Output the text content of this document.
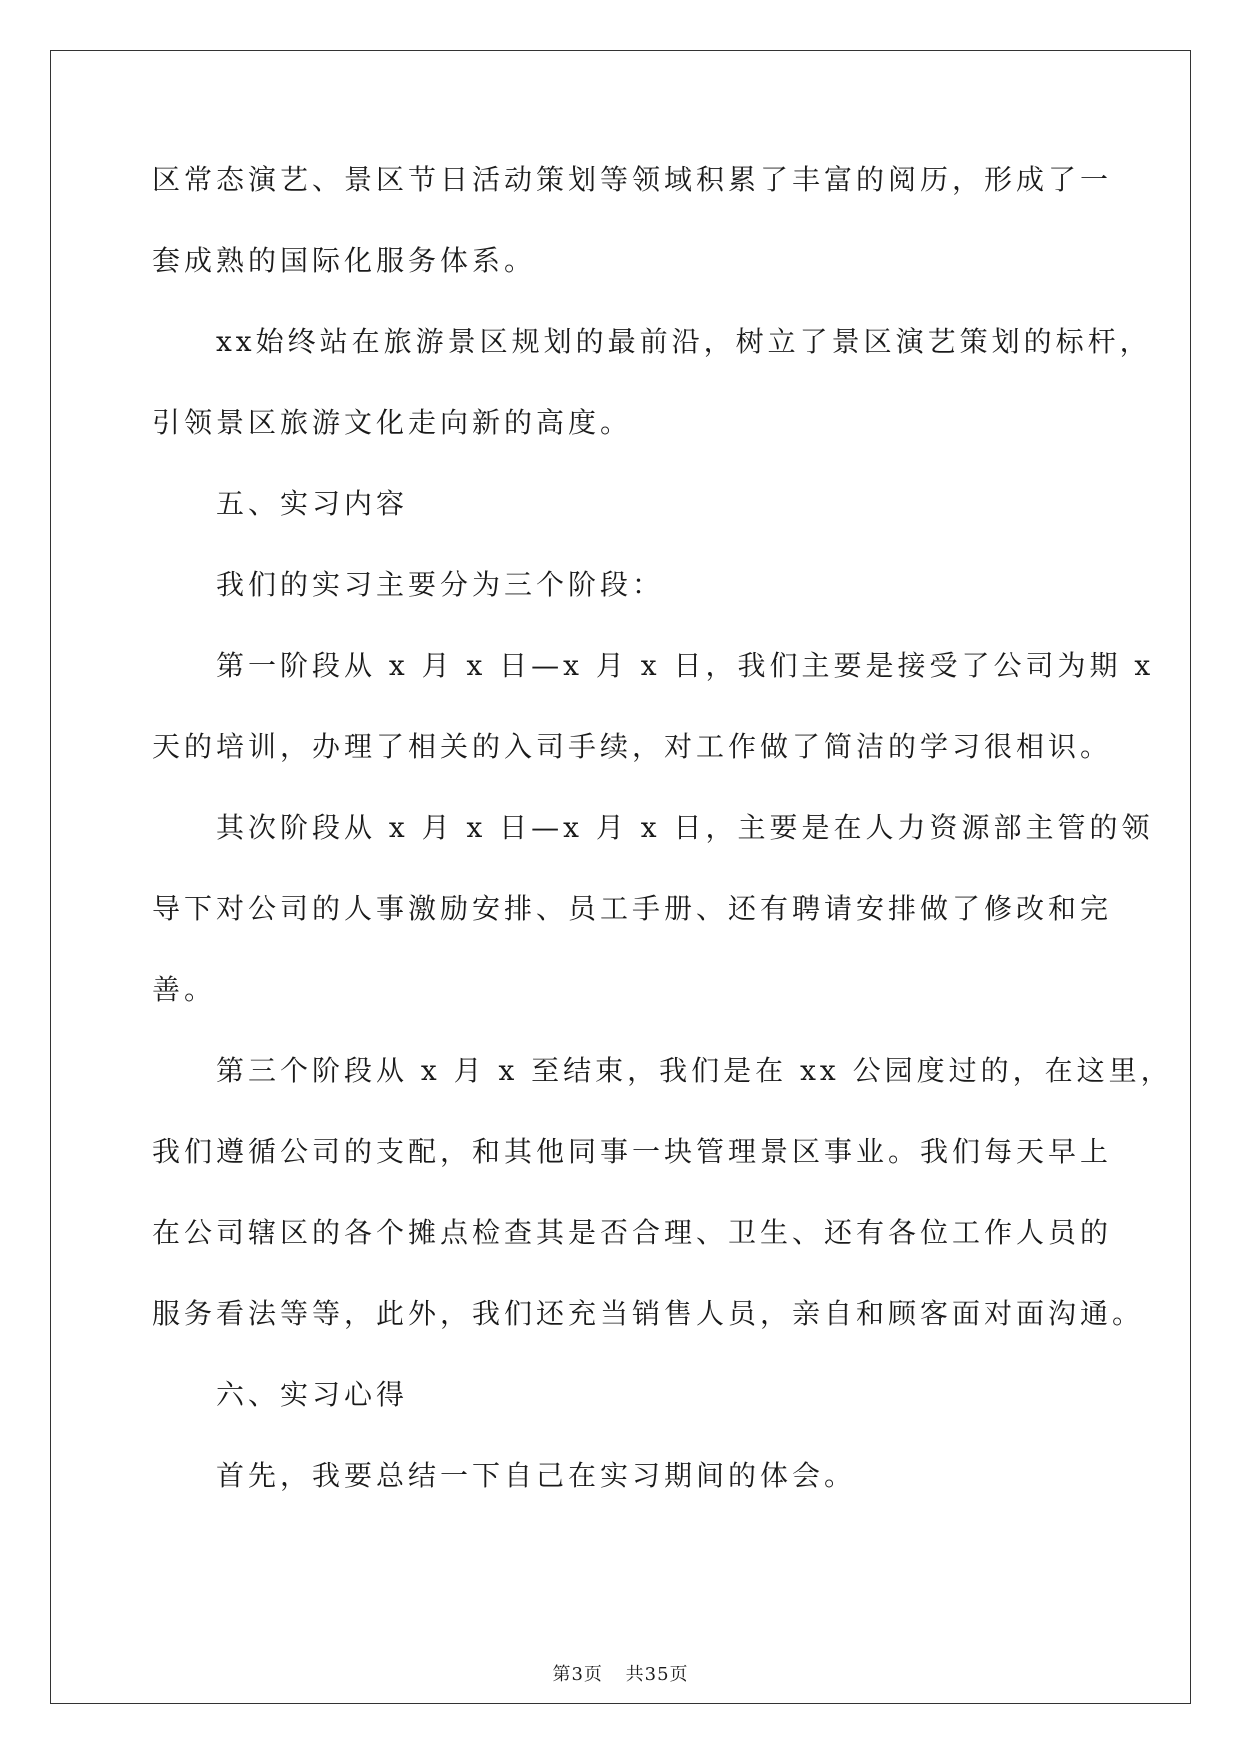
区常态演艺、景区节日活动策划等领域积累了丰富的阅历，形成了一

套成熟的国际化服务体系。

xx始终站在旅游景区规划的最前沿，树立了景区演艺策划的标杆，

引领景区旅游文化走向新的高度。

五、实习内容

我们的实习主要分为三个阶段：

第一阶段从 x 月 x 日—x 月 x 日，我们主要是接受了公司为期 x

天的培训，办理了相关的入司手续，对工作做了简洁的学习很相识。

其次阶段从 x 月 x 日—x 月 x 日，主要是在人力资源部主管的领

导下对公司的人事激励安排、员工手册、还有聘请安排做了修改和完

善。

第三个阶段从 x 月 x 至结束，我们是在 xx 公园度过的，在这里，

我们遵循公司的支配，和其他同事一块管理景区事业。我们每天早上

在公司辖区的各个摊点检查其是否合理、卫生、还有各位工作人员的

服务看法等等，此外，我们还充当销售人员，亲自和顾客面对面沟通。

六、实习心得

首先，我要总结一下自己在实习期间的体会。

第3页 共35页
